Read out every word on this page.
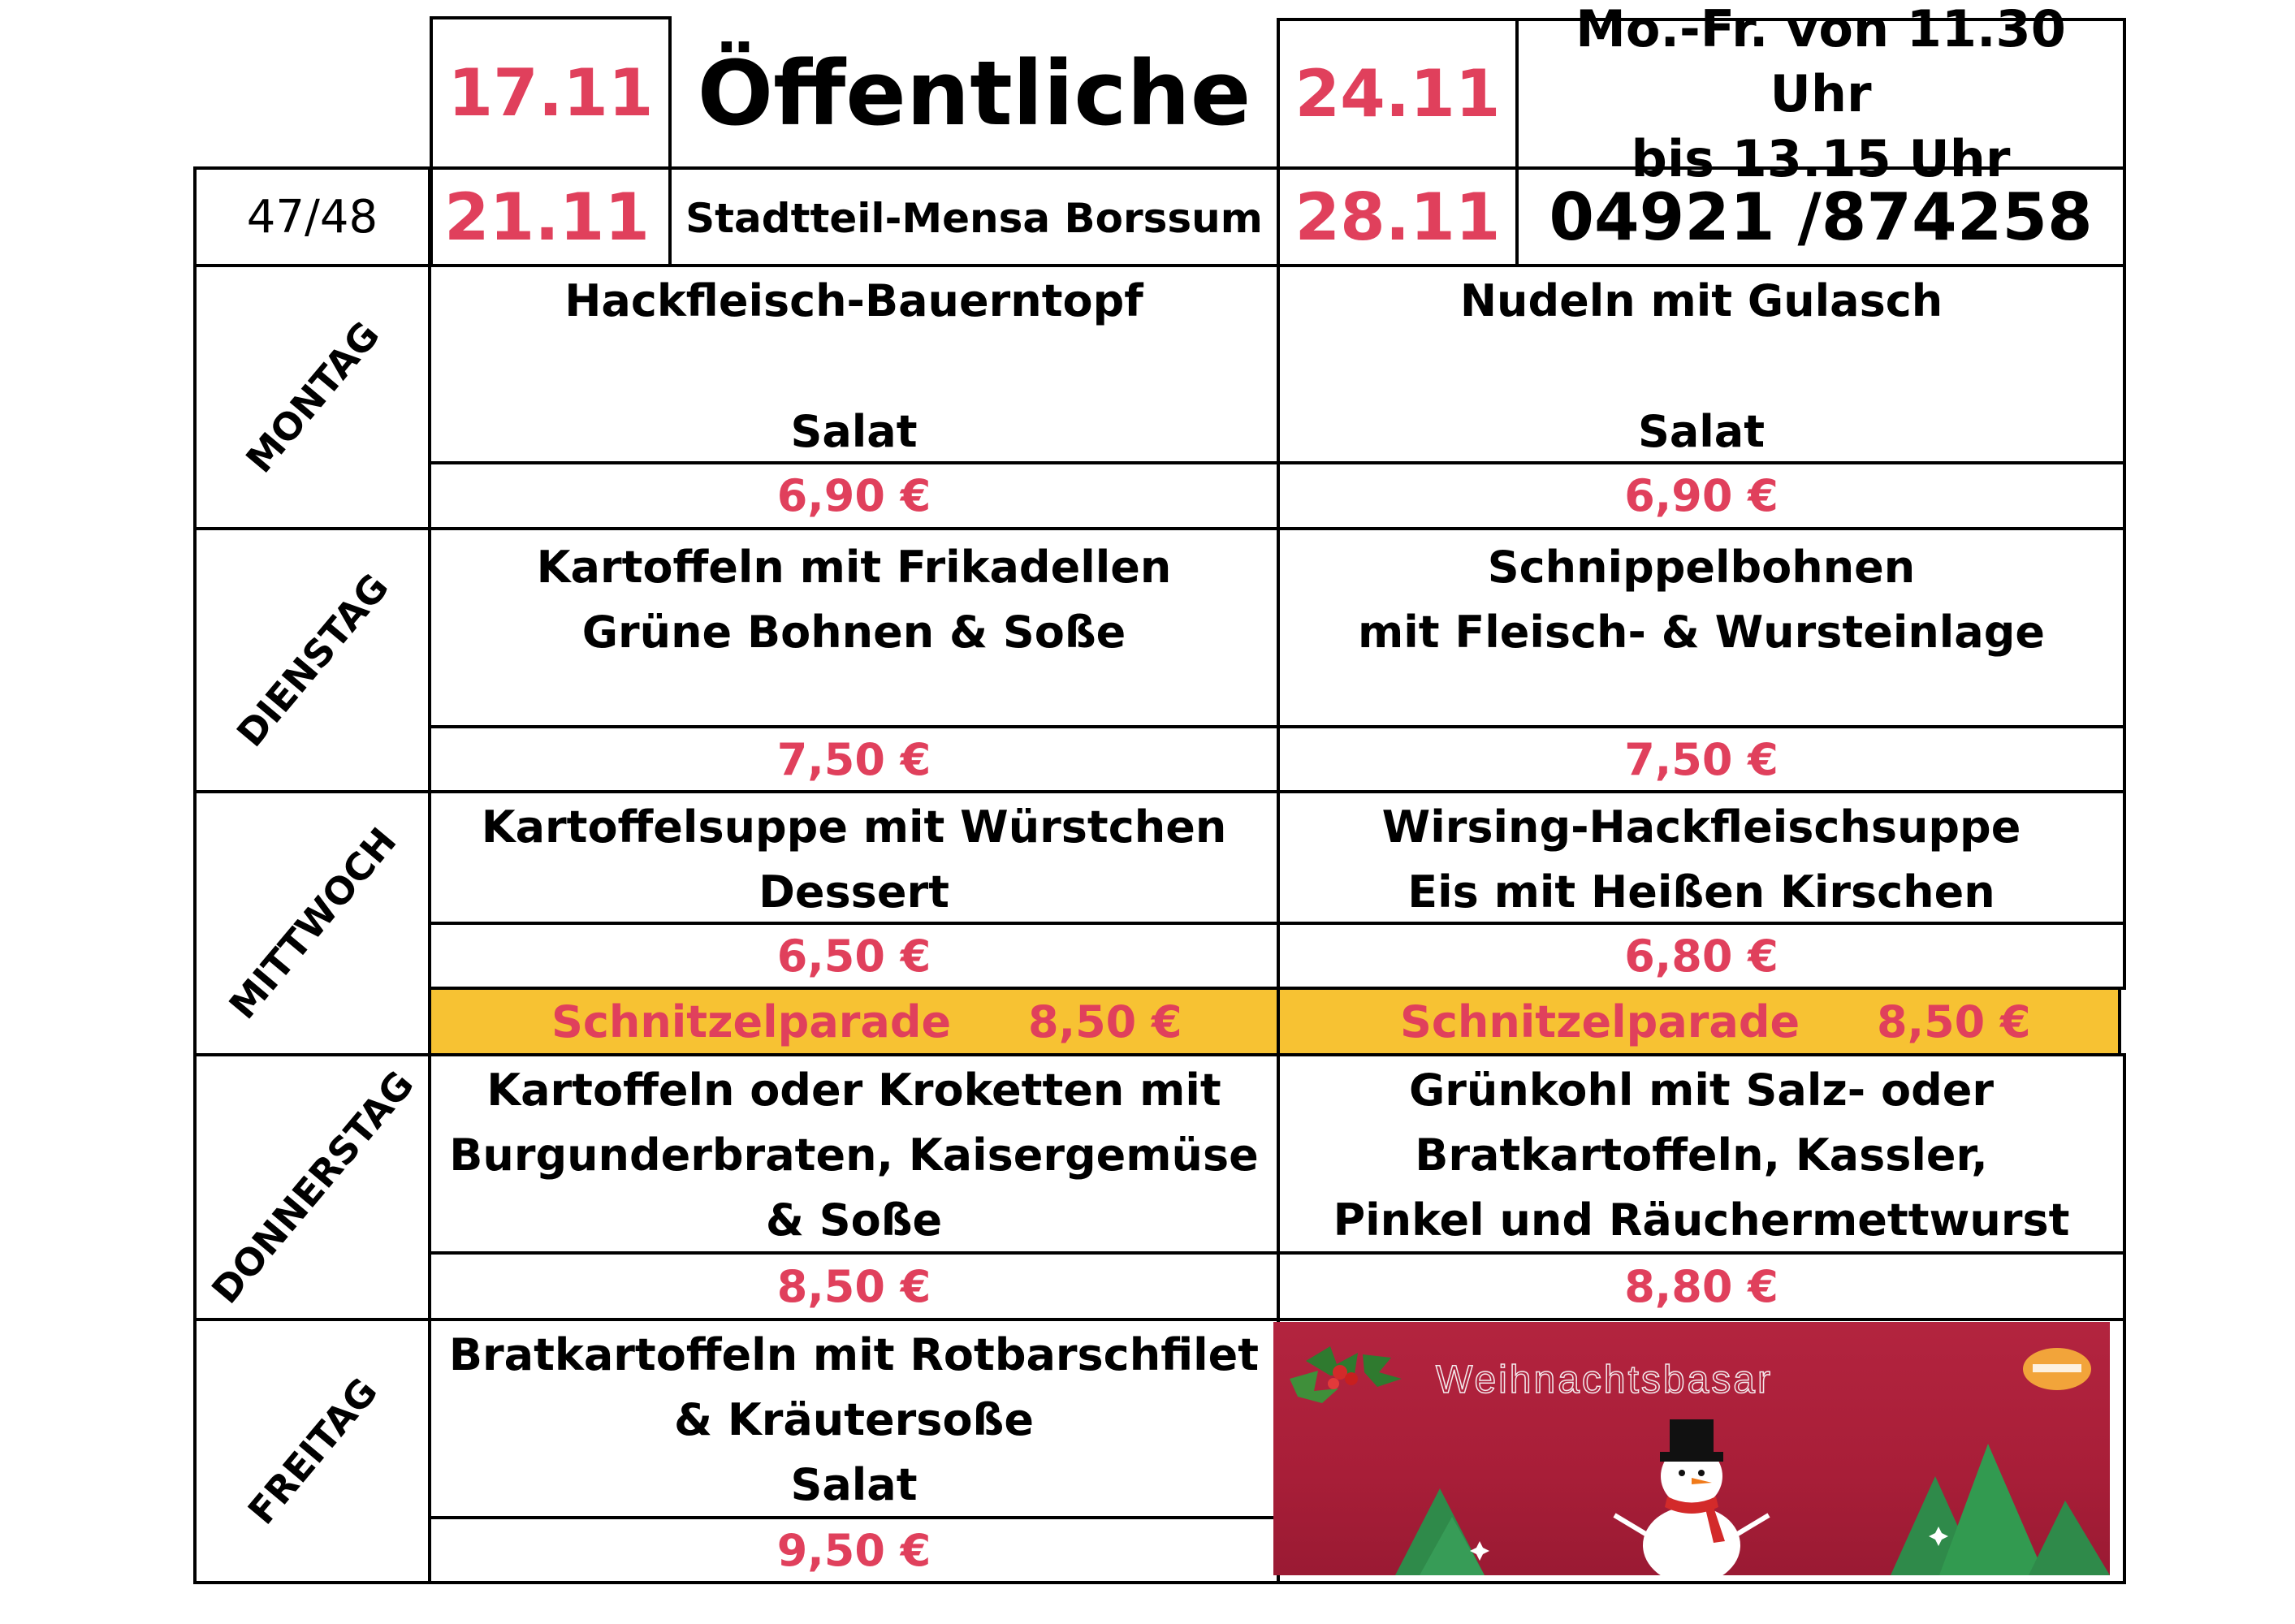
47/48
17.11
21.11
Öffentliche
Stadtteil-Mensa Borssum
24.11
28.11
Mo.-Fr. von 11.30 Uhr
bis 13.15 Uhr
04921 /874258
MONTAG
DIENSTAG
MITTWOCH
DONNERSTAG
FREITAG
Hackfleisch-Bauerntopf
Salat
6,90 €
Kartoffeln mit Frikadellen
Grüne Bohnen & Soße
7,50 €
Kartoffelsuppe mit Würstchen
Dessert
6,50 €
Schnitzelparade 8,50 €
Kartoffeln oder Kroketten mit
Burgunderbraten, Kaisergemüse
& Soße
8,50 €
Bratkartoffeln mit Rotbarschfilet
& Kräutersoße
Salat
9,50 €
Nudeln mit Gulasch
Salat
6,90 €
Schnippelbohnen
mit Fleisch- & Wursteinlage
7,50 €
Wirsing-Hackfleischsuppe
Eis mit Heißen Kirschen
6,80 €
Schnitzelparade 8,50 €
Grünkohl mit Salz- oder
Bratkartoffeln, Kassler,
Pinkel und Räuchermettwurst
8,80 €
Weihnachtsbasar
